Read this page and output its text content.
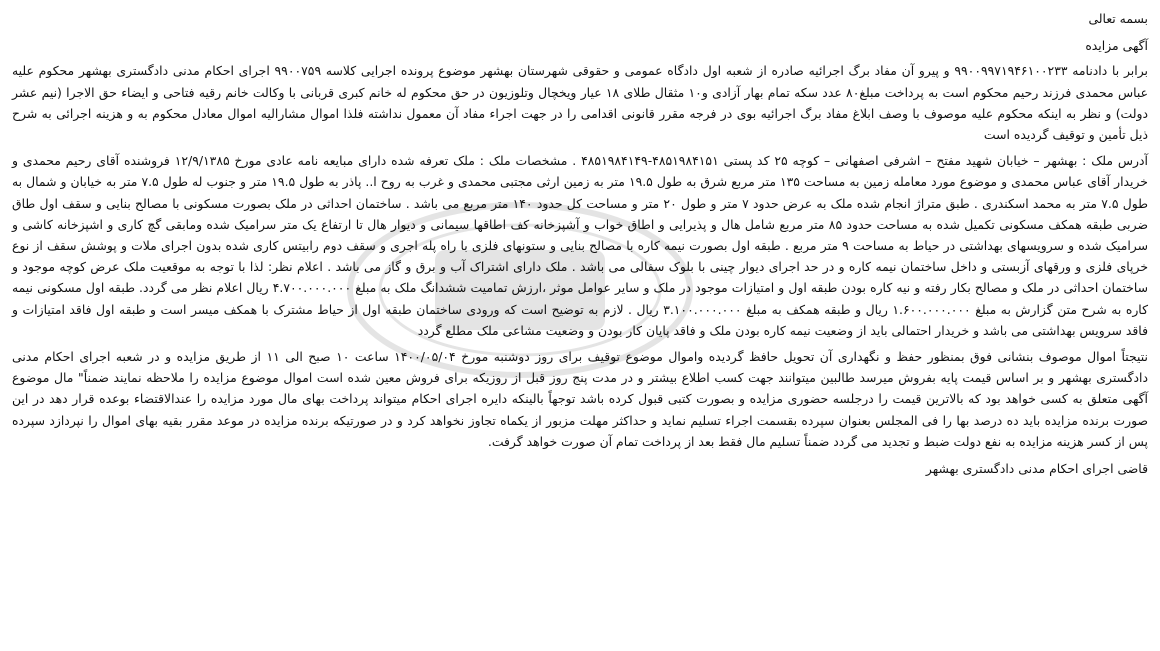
بسمه تعالی

آگهی مزایده

برابر با دادنامه ۹۹۰۰۹۹۷۱۹۴۶۱۰۰۲۳۳ و پیرو آن مفاد برگ اجرائیه صادره از شعبه اول دادگاه عمومی و حقوقی شهرستان بهشهر موضوع پرونده اجرایی کلاسه ۹۹۰۰۷۵۹ اجرای احکام مدنی دادگستری بهشهر محکوم علیه عباس محمدی فرزند رحیم محکوم است به پرداخت مبلغ۸۰ عدد سکه تمام بهار آزادی و۱۰ مثقال طلای ۱۸ عیار ویخچال وتلوزیون در حق محکوم له خانم کبری قربانی با وکالت خانم رقیه فتاحی و ایضاء حق الاجرا (نیم عشر دولت) و نظر به اینکه محکوم علیه موصوف با وصف ابلاغ مفاد برگ اجرائیه بوی در فرجه مقرر قانونی اقدامی را در جهت اجراء مفاد آن معمول نداشته فلذا اموال مشارالیه اموال معادل محکوم به و هزینه اجرائی به شرح ذیل تأمین و توقیف گردیده است

آدرس ملک : بهشهر – خیابان شهید مفتح – اشرفی اصفهانی – کوچه ۲۵ کد پستی ۴۸۵۱۹۸۴۱۵۱-۴۸۵۱۹۸۴۱۴۹ . مشخصات ملک : ملک تعرفه شده دارای مبایعه نامه عادی مورخ ۱۲/۹/۱۳۸۵ فروشنده آقای رحیم محمدی و خریدار آقای عباس محمدی و موضوع مورد معامله زمین به مساحت ۱۳۵ متر مربع شرق به طول ۱۹.۵ متر به زمین ارثی مجتبی محمدی و غرب به روح ا.. پاذر به طول ۱۹.۵ متر و جنوب له طول ۷.۵ متر به خیابان و شمال به طول ۷.۵ متر به محمد اسکندری . طبق متراژ انجام شده ملک به عرض حدود ۷ متر و طول ۲۰ متر و مساحت کل حدود ۱۴۰ متر مربع می باشد . ساختمان احداثی در ملک بصورت مسکونی با مصالح بنایی و سقف اول طاق ضربی طبقه همکف مسکونی تکمیل شده به مساحت حدود ۸۵ متر مربع شامل هال و پذیرایی و اطاق خواب و آشپزخانه کف اطاقها سیمانی و دیوار هال تا ارتفاع یک متر سرامیک شده ومابقی گچ کاری و اشپزخانه کاشی و سرامیک شده و سرویسهای بهداشتی در حیاط به مساحت ۹ متر مربع . طبقه اول بصورت نیمه کاره با مصالح بنایی و ستونهای فلزی با راه پله اجری و سقف دوم رابیتس کاری شده بدون اجرای ملات و پوشش سقف از نوع خرپای فلزی و ورقهای آزبستی و داخل ساختمان نیمه کاره و در حد اجرای دیوار چینی با بلوک سفالی می باشد . ملک دارای اشتراک آب و برق و گاز می باشد . اعلام نظر: لذا با توجه به موقعیت ملک عرض کوچه موجود و ساختمان احداثی در ملک و مصالح بکار رفته و نیه کاره بودن طبقه اول و امتیازات موجود در ملک و سایر عوامل موثر ،ارزش تمامیت ششدانگ ملک به مبلغ ۴.۷۰۰.۰۰۰.۰۰۰ ریال اعلام نظر می گردد. طبقه اول مسکونی نیمه کاره به شرح متن گزارش به مبلغ ۱.۶۰۰.۰۰۰.۰۰۰ ریال و طبقه همکف به مبلغ ۳.۱۰۰.۰۰۰.۰۰۰ ریال . لازم به توضیح است که ورودی ساختمان طبقه اول از حیاط مشترک با همکف میسر است و طبقه اول فاقد امتیازات و فاقد سرویس بهداشتی می باشد و خریدار احتمالی باید از وضعیت نیمه کاره بودن ملک و فاقد پایان کار بودن و وضعیت مشاعی ملک مطلع گردد

نتیجتاً اموال موصوف بنشانی فوق بمنظور حفظ و نگهداری آن تحویل حافظ گردیده واموال موضوع توقیف برای روز دوشنبه مورخ ۱۴۰۰/۰۵/۰۴ ساعت ۱۰ صبح الی ۱۱ از طریق مزایده و در شعبه اجرای احکام مدنی دادگستری بهشهر و بر اساس قیمت پایه بفروش میرسد طالبین میتوانند جهت کسب اطلاع بیشتر و در مدت پنج روز قبل از روزیکه برای فروش معین شده است اموال موضوع مزایده را ملاحظه نمایند ضمناً" مال موضوع آگهی متعلق به کسی خواهد بود که بالاترین قیمت را درجلسه حضوری مزایده و بصورت کتبی قبول کرده باشد توجهاً بالینکه دایره اجرای احکام میتواند پرداخت بهای مال مورد مزایده را عندالاقتضاء بوعده قرار دهد در این صورت برنده مزایده باید ده درصد بها را فی المجلس بعنوان سپرده بقسمت اجراء تسلیم نماید و حداکثر مهلت مزبور از یکماه تجاوز نخواهد کرد و در صورتیکه برنده مزایده در موعد مقرر بقیه بهای اموال را نپردازد سپرده پس از کسر هزینه مزایده به نفع دولت ضبط و تجدید می گردد ضمناً تسلیم مال فقط بعد از پرداخت تمام آن صورت خواهد گرفت.

قاضی اجرای احکام مدنی دادگستری بهشهر
